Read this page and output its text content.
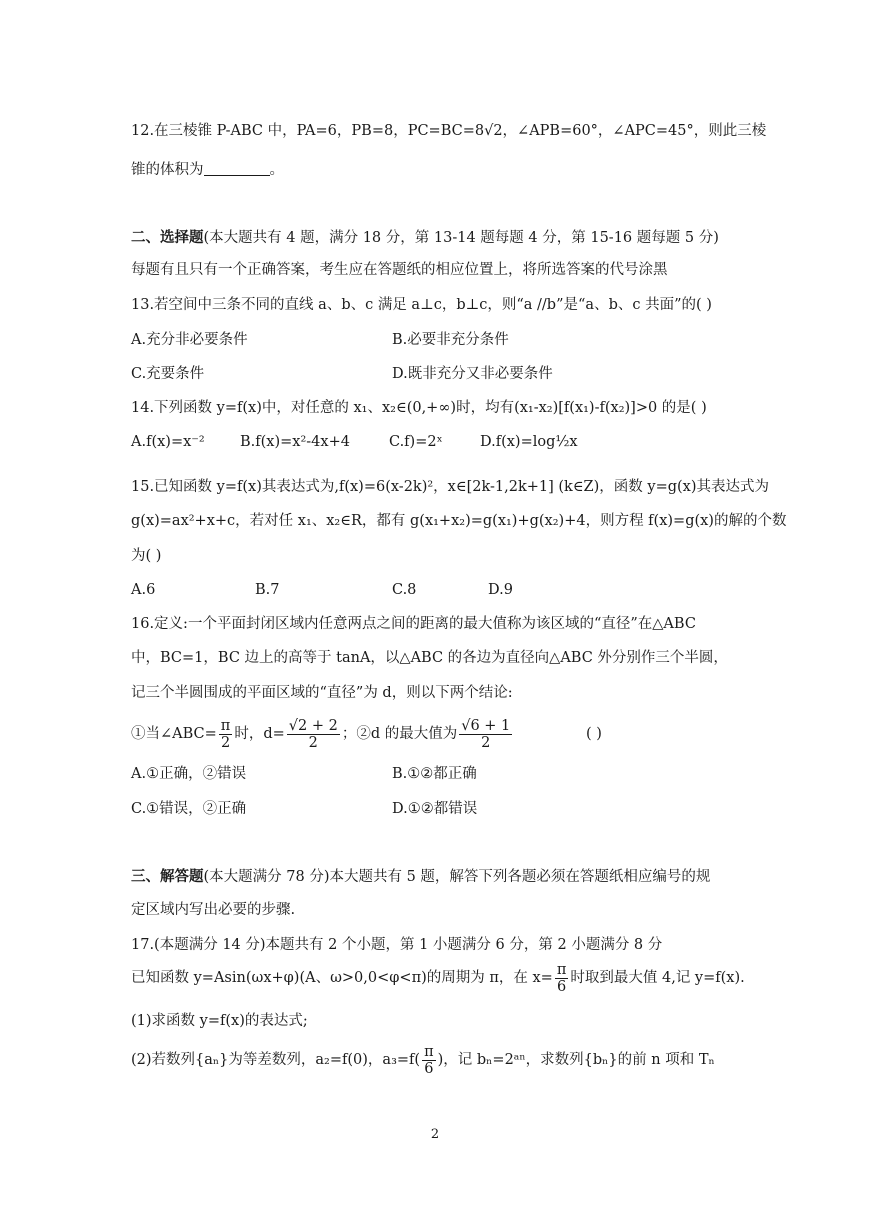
12.在三棱锥 P-ABC 中，PA=6，PB=8，PC=BC=8√2，∠APB=60°，∠APC=45°，则此三棱
锥的体积为	。
二、选择题(本大题共有 4 题，满分 18 分，第 13-14 题每题 4 分，第 15-16 题每题 5 分)
每题有且只有一个正确答案，考生应在答题纸的相应位置上，将所选答案的代号涂黑
13.若空间中三条不同的直线 a、b、c 满足 a⊥c，b⊥c，则“a //b”是“a、b、c 共面”的( )
A.充分非必要条件	B.必要非充分条件
C.充要条件	D.既非充分又非必要条件
14.下列函数 y=f(x)中，对任意的 x₁、x₂∈(0,+∞)时，均有(x₁-x₂)[f(x₁)-f(x₂)]>0 的是( )
A.f(x)=x⁻² B.f(x)=x²-4x+4	C.f)=2ˣ	D.f(x)=log½x
15.已知函数 y=f(x)其表达式为,f(x)=6(x-2k)²，x∈[2k-1,2k+1] (k∈Z)，函数 y=g(x)其表达式为
g(x)=ax²+x+c，若对任 x₁、x₂∈R，都有 g(x₁+x₂)=g(x₁)+g(x₂)+4，则方程 f(x)=g(x)的解的个数
为( )
A.6	B.7	C.8	D.9
16.定义:一个平面封闭区域内任意两点之间的距离的最大值称为该区域的“直径”在△ABC
中，BC=1，BC 边上的高等于 tanA，以△ABC 的各边为直径向△ABC 外分别作三个半圆，
记三个半圆围成的平面区域的“直径”为 d，则以下两个结论:
①当∠ABC= $\frac{\pi}{2}$ 时，$d= \frac{√2 + 2}{2}$ ；②d 的最大值为 $\frac{√6 + 1}{2}$	( )
A.①正确，②错误	B.①②都正确
C.①错误，②正确	D.①②都错误
三、解答题(本大题满分 78 分)本大题共有 5 题，解答下列各题必须在答题纸相应编号的规
定区域内写出必要的步骤.
17.(本题满分 14 分)本题共有 2 个小题，第 1 小题满分 6 分，第 2 小题满分 8 分
已知函数 y=Asin(ωx+φ)(A、ω>0,0<φ<π)的周期为 π，在 $x= \frac{\pi}{6}$ 时取到最大值 4,记 y=f(x).
(1)求函数 y=f(x)的表达式;
(2)若数列{aₙ}为等差数列，a₂=f(0)，$a_3=f( \frac{\pi}{6}$ )，记 bₙ=2ᵃⁿ，求数列{bₙ}的前 n 项和 Tₙ
2
